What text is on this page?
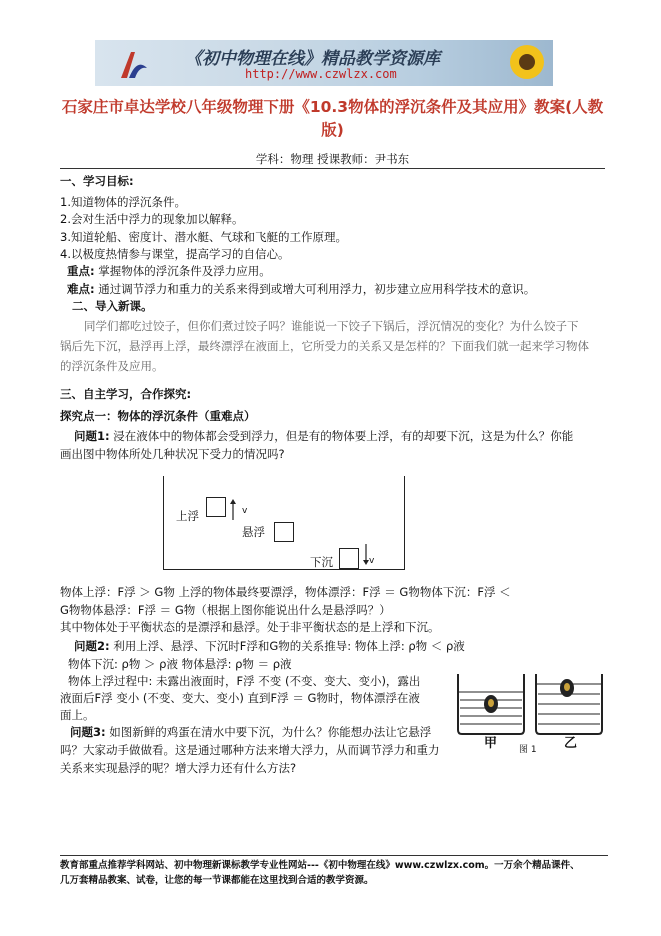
《初中物理在线》精品教学资源库
http://www.czwlzx.com
石家庄市卓达学校八年级物理下册《10.3物体的浮沉条件及其应用》教案(人教版)
学科：物理 授课教师：尹书东
一、学习目标:
1.知道物体的浮沉条件。
2.会对生活中浮力的现象加以解释。
3.知道轮船、密度计、潜水艇、气球和飞艇的工作原理。
4.以极度热情参与课堂，提高学习的自信心。
重点: 掌握物体的浮沉条件及浮力应用。
难点: 通过调节浮力和重力的关系来得到或增大可利用浮力，初步建立应用科学技术的意识。
二、导入新课。
同学们都吃过饺子，但你们煮过饺子吗？谁能说一下饺子下锅后，浮沉情况的变化？为什么饺子下
锅后先下沉，悬浮再上浮，最终漂浮在液面上，它所受力的关系又是怎样的？下面我们就一起来学习物体
的浮沉条件及应用。
三、自主学习，合作探究:
探究点一：物体的浮沉条件（重难点）
问题1: 浸在液体中的物体都会受到浮力，但是有的物体要上浮，有的却要下沉，这是为什么？你能
画出图中物体所处几种状况下受力的情况吗?
上浮	v
悬浮
下沉	v
物体上浮：F浮 ＞ G物 上浮的物体最终要漂浮，物体漂浮：F浮 ＝ G物物体下沉：F浮 ＜
G物物体悬浮：F浮 ＝ G物（根据上图你能说出什么是悬浮吗？）
其中物体处于平衡状态的是漂浮和悬浮。处于非平衡状态的是上浮和下沉。
问题2: 利用上浮、悬浮、下沉时F浮和G物的关系推导: 物体上浮: ρ物 ＜ ρ液
物体下沉: ρ物 ＞ ρ液 物体悬浮: ρ物 ＝ ρ液
物体上浮过程中: 未露出液面时，F浮 不变 (不变、变大、变小)，露出
液面后F浮 变小 (不变、变大、变小) 直到F浮 ＝ G物时，物体漂浮在液
面上。
问题3: 如图新鲜的鸡蛋在清水中要下沉，为什么？你能想办法让它悬浮
吗？大家动手做做看。这是通过哪种方法来增大浮力，从而调节浮力和重力
关系来实现悬浮的呢？增大浮力还有什么方法?
甲	乙
图 1
教育部重点推荐学科网站、初中物理新课标教学专业性网站---《初中物理在线》www.czwlzx.com。一万余个精品课件、
几万套精品教案、试卷，让您的每一节课都能在这里找到合适的教学资源。
